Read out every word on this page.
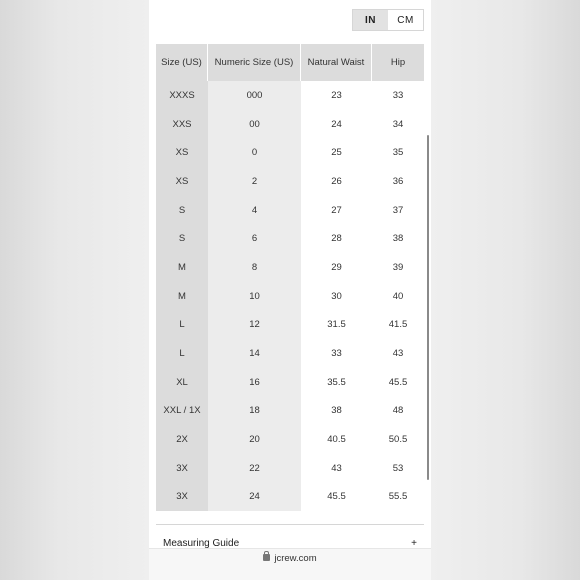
IN	CM
Size (US)	Numeric Size (US)	Natural Waist	Hip
XXXS	000	23	33
XXS	00	24	34
XS	0	25	35
XS	2	26	36
S	4	27	37
S	6	28	38
M	8	29	39
M	10	30	40
L	12	31.5	41.5
L	14	33	43
XL	16	35.5	45.5
XXL / 1X	18	38	48
2X	20	40.5	50.5
3X	22	43	53
3X	24	45.5	55.5
Measuring Guide	+
jcrew.com
